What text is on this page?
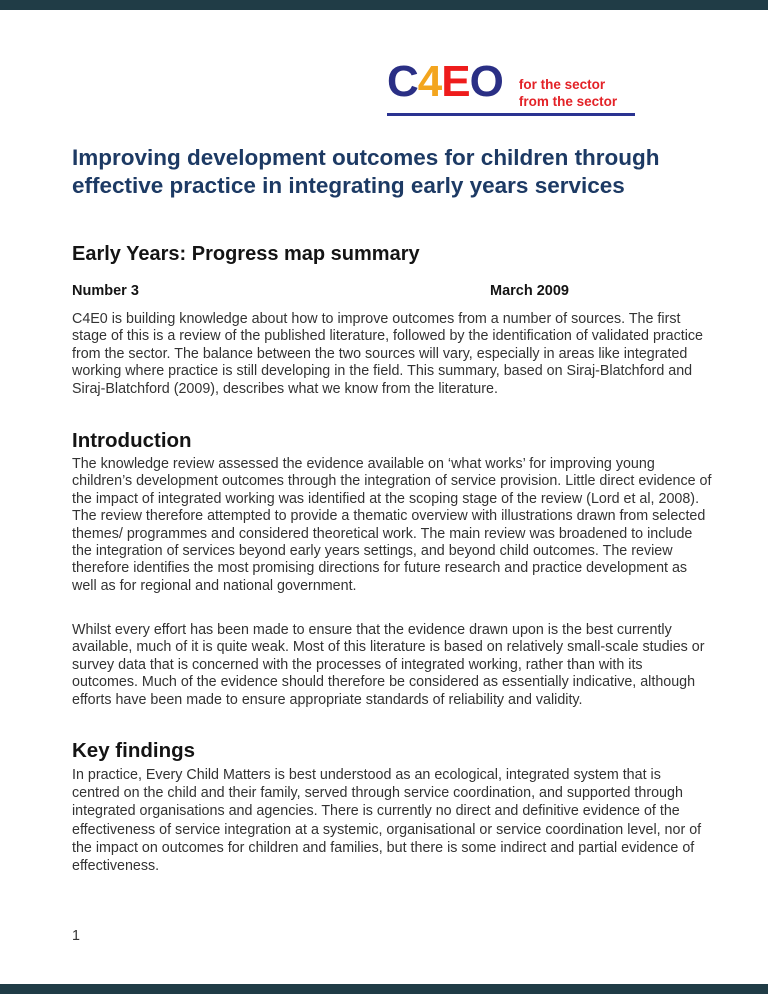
C4EO for the sector
from the sector
Improving development outcomes for children through effective practice in integrating early years services
Early Years: Progress map summary
Number 3	March 2009
C4E0 is building knowledge about how to improve outcomes from a number of sources. The first stage of this is a review of the published literature, followed by the identification of validated practice from the sector. The balance between the two sources will vary, especially in areas like integrated working where practice is still developing in the field. This summary, based on Siraj-Blatchford and Siraj-Blatchford (2009), describes what we know from the literature.
Introduction
The knowledge review assessed the evidence available on ‘what works’ for improving young children’s development outcomes through the integration of service provision. Little direct evidence of the impact of integrated working was identified at the scoping stage of the review (Lord et al, 2008). The review therefore attempted to provide a thematic overview with illustrations drawn from selected themes/ programmes and considered theoretical work. The main review was broadened to include the integration of services beyond early years settings, and beyond child outcomes. The review therefore identifies the most promising directions for future research and practice development as well as for regional and national government.
Whilst every effort has been made to ensure that the evidence drawn upon is the best currently available, much of it is quite weak. Most of this literature is based on relatively small-scale studies or survey data that is concerned with the processes of integrated working, rather than with its outcomes. Much of the evidence should therefore be considered as essentially indicative, although efforts have been made to ensure appropriate standards of reliability and validity.
Key findings
In practice, Every Child Matters is best understood as an ecological, integrated system that is centred on the child and their family, served through service coordination, and supported through integrated organisations and agencies. There is currently no direct and definitive evidence of the effectiveness of service integration at a systemic, organisational or service coordination level, nor of the impact on outcomes for children and families, but there is some indirect and partial evidence of effectiveness.
1
